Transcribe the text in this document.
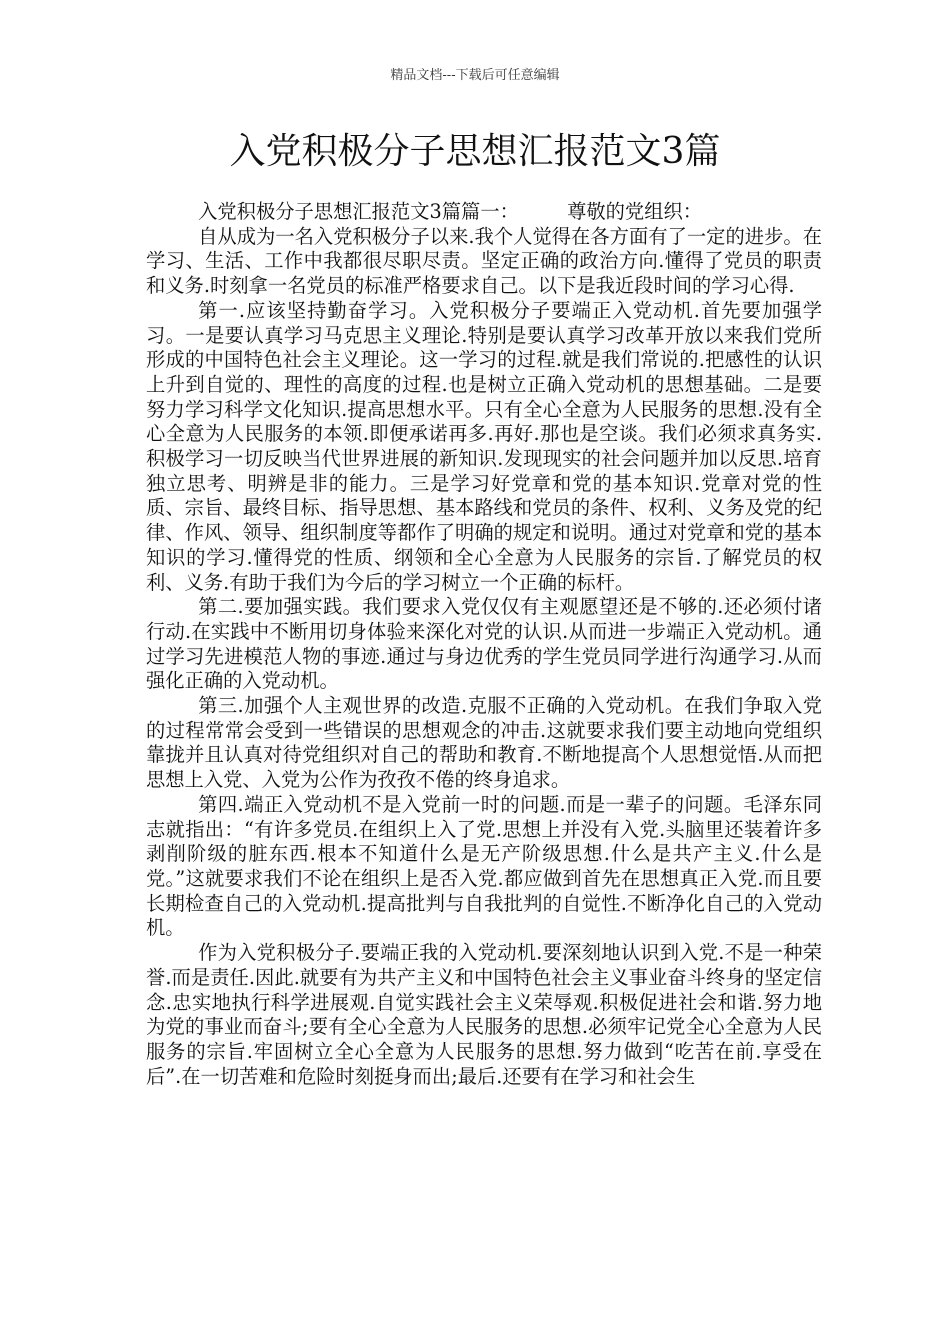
精品文档---下载后可任意编辑
入党积极分子思想汇报范文3篇

入党积极分子思想汇报范文3篇篇一：　　　尊敬的党组织：

自从成为一名入党积极分子以来.我个人觉得在各方面有了一定的进步。在学习、生活、工作中我都很尽职尽责。坚定正确的政治方向.懂得了党员的职责和义务.时刻拿一名党员的标准严格要求自己。以下是我近段时间的学习心得.

第一.应该坚持勤奋学习。入党积极分子要端正入党动机.首先要加强学习。一是要认真学习马克思主义理论.特别是要认真学习改革开放以来我们党所形成的中国特色社会主义理论。这一学习的过程.就是我们常说的.把感性的认识上升到自觉的、理性的高度的过程.也是树立正确入党动机的思想基础。二是要努力学习科学文化知识.提高思想水平。只有全心全意为人民服务的思想.没有全心全意为人民服务的本领.即便承诺再多.再好.那也是空谈。我们必须求真务实.积极学习一切反映当代世界进展的新知识.发现现实的社会问题并加以反思.培育独立思考、明辨是非的能力。三是学习好党章和党的基本知识.党章对党的性质、宗旨、最终目标、指导思想、基本路线和党员的条件、权利、义务及党的纪律、作风、领导、组织制度等都作了明确的规定和说明。通过对党章和党的基本知识的学习.懂得党的性质、纲领和全心全意为人民服务的宗旨.了解党员的权利、义务.有助于我们为今后的学习树立一个正确的标杆。

第二.要加强实践。我们要求入党仅仅有主观愿望还是不够的.还必须付诸行动.在实践中不断用切身体验来深化对党的认识.从而进一步端正入党动机。通过学习先进模范人物的事迹.通过与身边优秀的学生党员同学进行沟通学习.从而强化正确的入党动机。

第三.加强个人主观世界的改造.克服不正确的入党动机。在我们争取入党的过程常常会受到一些错误的思想观念的冲击.这就要求我们要主动地向党组织靠拢并且认真对待党组织对自己的帮助和教育.不断地提高个人思想觉悟.从而把思想上入党、入党为公作为孜孜不倦的终身追求。

第四.端正入党动机不是入党前一时的问题.而是一辈子的问题。毛泽东同志就指出：“有许多党员.在组织上入了党.思想上并没有入党.头脑里还装着许多剥削阶级的脏东西.根本不知道什么是无产阶级思想.什么是共产主义.什么是党。”这就要求我们不论在组织上是否入党.都应做到首先在思想真正入党.而且要长期检查自己的入党动机.提高批判与自我批判的自觉性.不断净化自己的入党动机。

作为入党积极分子.要端正我的入党动机.要深刻地认识到入党.不是一种荣誉.而是责任.因此.就要有为共产主义和中国特色社会主义事业奋斗终身的坚定信念.忠实地执行科学进展观.自觉实践社会主义荣辱观.积极促进社会和谐.努力地为党的事业而奋斗;要有全心全意为人民服务的思想.必须牢记党全心全意为人民服务的宗旨.牢固树立全心全意为人民服务的思想.努力做到“吃苦在前.享受在后”.在一切苦难和危险时刻挺身而出;最后.还要有在学习和社会生
